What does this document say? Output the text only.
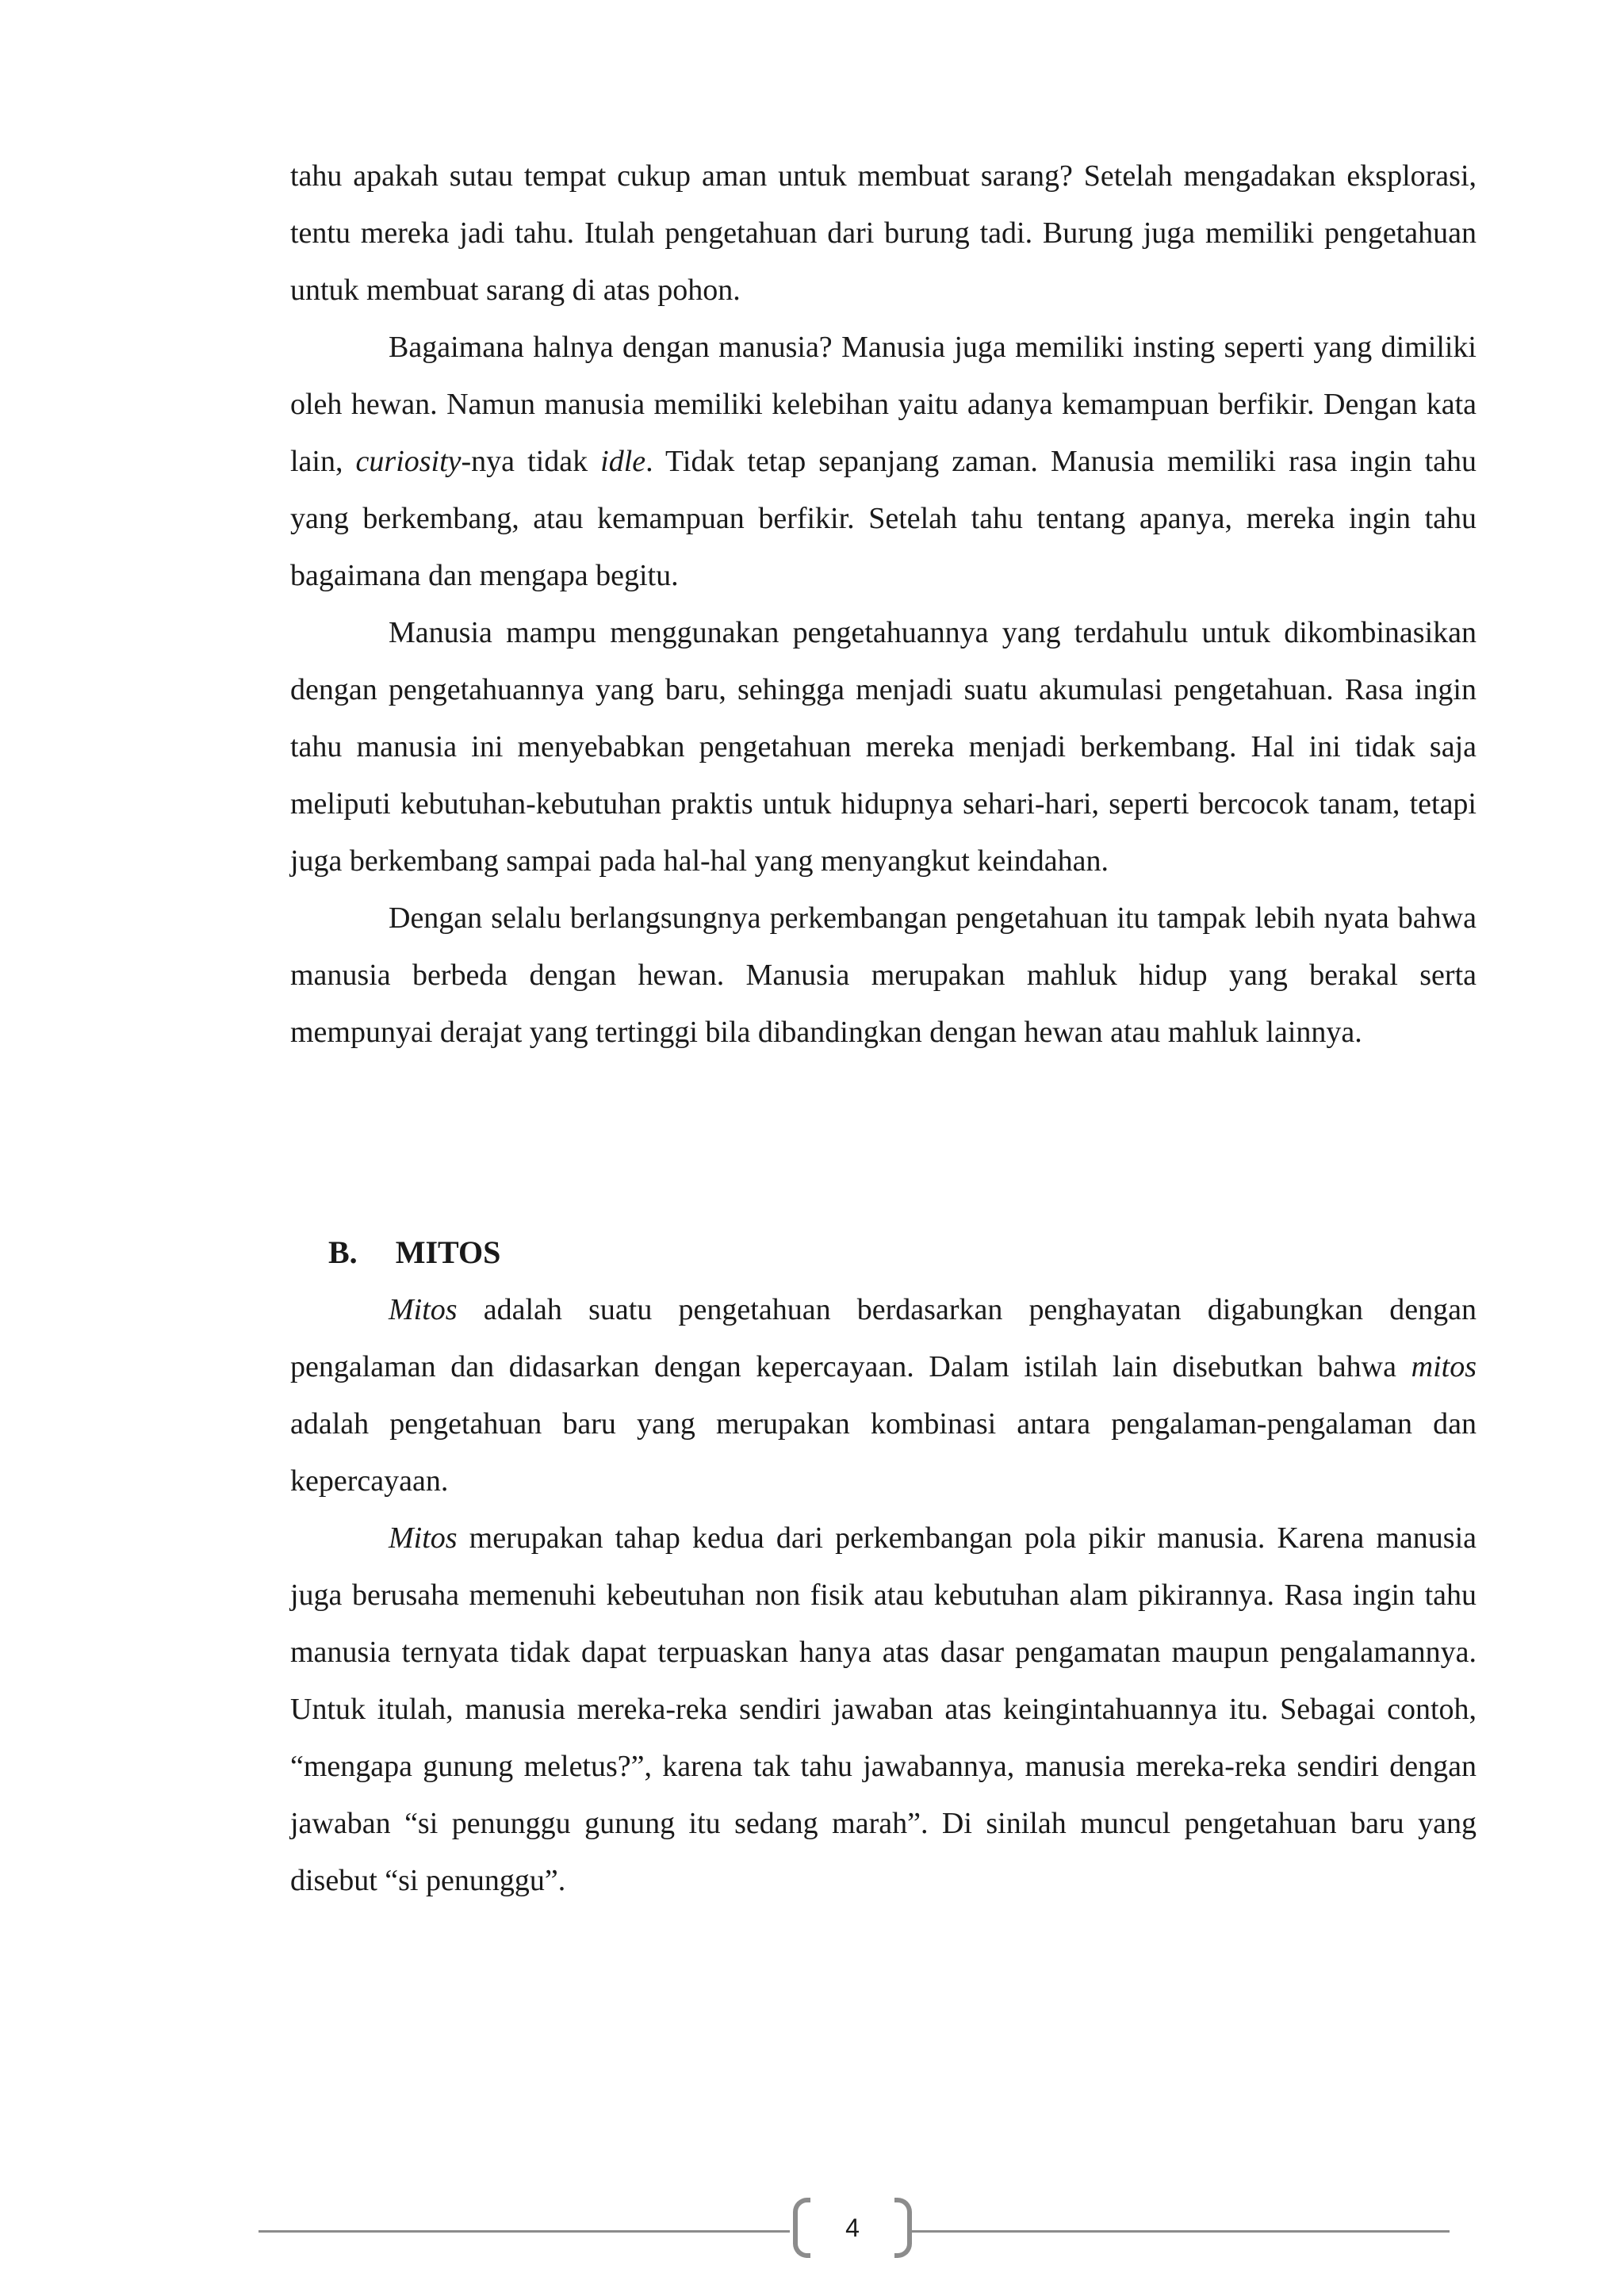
tahu apakah sutau tempat cukup aman untuk membuat sarang? Setelah mengadakan eksplorasi, tentu mereka jadi tahu. Itulah pengetahuan dari burung tadi. Burung juga memiliki pengetahuan untuk membuat sarang di atas pohon.

Bagaimana halnya dengan manusia? Manusia juga memiliki insting seperti yang dimiliki oleh hewan. Namun manusia memiliki kelebihan yaitu adanya kemampuan berfikir. Dengan kata lain, curiosity-nya tidak idle. Tidak tetap sepanjang zaman. Manusia memiliki rasa ingin tahu yang berkembang, atau kemampuan berfikir. Setelah tahu tentang apanya, mereka ingin tahu bagaimana dan mengapa begitu.

Manusia mampu menggunakan pengetahuannya yang terdahulu untuk dikombinasikan dengan pengetahuannya yang baru, sehingga menjadi suatu akumulasi pengetahuan. Rasa ingin tahu manusia ini menyebabkan pengetahuan mereka menjadi berkembang. Hal ini tidak saja meliputi kebutuhan-kebutuhan praktis untuk hidupnya sehari-hari, seperti bercocok tanam, tetapi juga berkembang sampai pada hal-hal yang menyangkut keindahan.

Dengan selalu berlangsungnya perkembangan pengetahuan itu tampak lebih nyata bahwa manusia berbeda dengan hewan. Manusia merupakan mahluk hidup yang berakal serta mempunyai derajat yang tertinggi bila dibandingkan dengan hewan atau mahluk lainnya.

B. MITOS

Mitos adalah suatu pengetahuan berdasarkan penghayatan digabungkan dengan pengalaman dan didasarkan dengan kepercayaan. Dalam istilah lain disebutkan bahwa mitos adalah pengetahuan baru yang merupakan kombinasi antara pengalaman-pengalaman dan kepercayaan.

Mitos merupakan tahap kedua dari perkembangan pola pikir manusia. Karena manusia juga berusaha memenuhi kebeutuhan non fisik atau kebutuhan alam pikirannya. Rasa ingin tahu manusia ternyata tidak dapat terpuaskan hanya atas dasar pengamatan maupun pengalamannya. Untuk itulah, manusia mereka-reka sendiri jawaban atas keingintahuannya itu. Sebagai contoh, “mengapa gunung meletus?”, karena tak tahu jawabannya, manusia mereka-reka sendiri dengan jawaban “si penunggu gunung itu sedang marah”. Di sinilah muncul pengetahuan baru yang disebut “si penunggu”.

4
